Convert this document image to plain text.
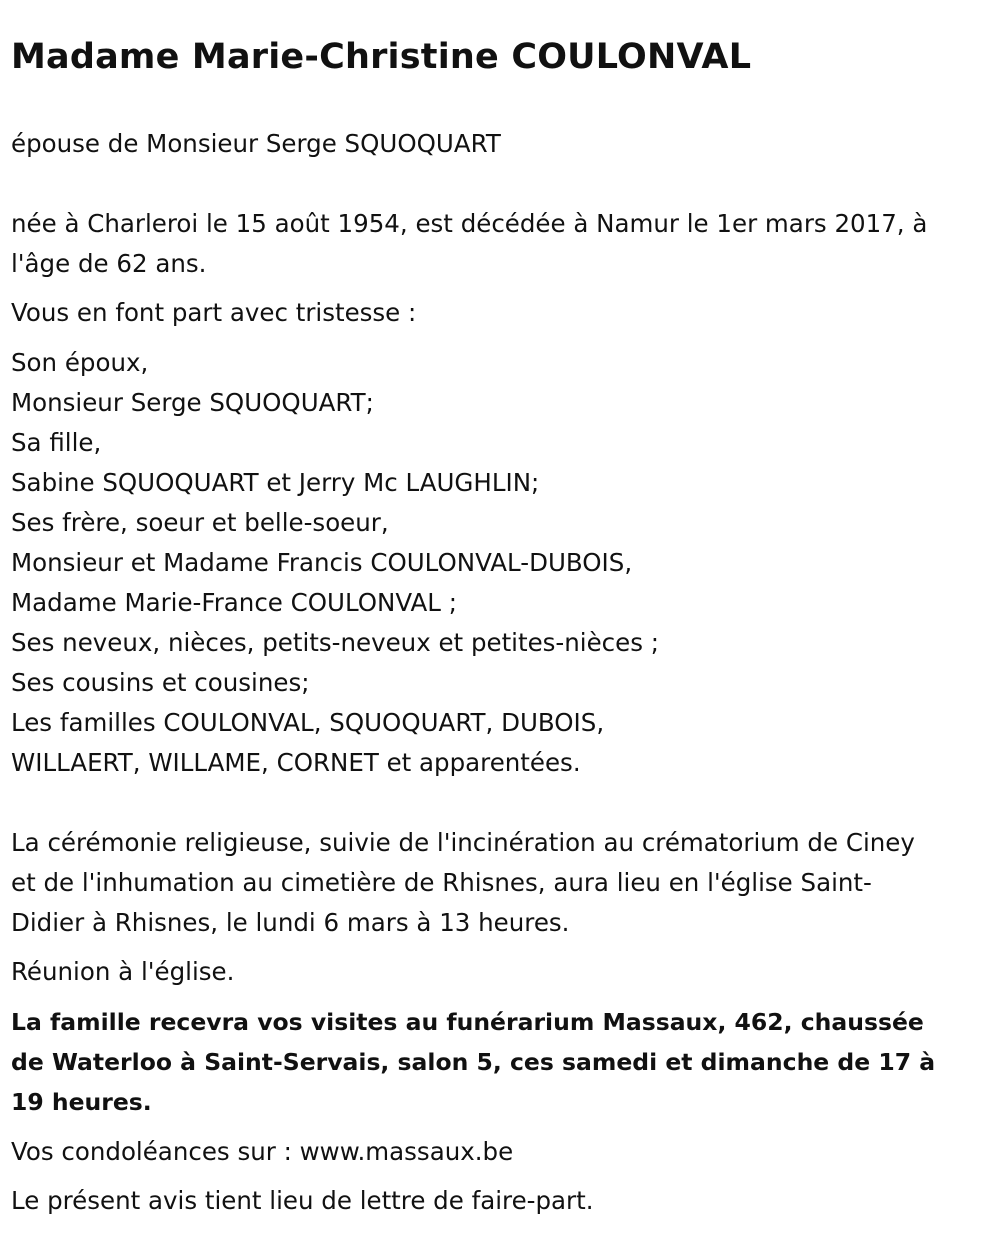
Madame Marie-Christine COULONVAL

épouse de Monsieur Serge SQUOQUART

née à Charleroi le 15 août 1954, est décédée à Namur le 1er mars 2017, à

l'âge de 62 ans.

Vous en font part avec tristesse :

Son époux,

Monsieur Serge SQUOQUART;

Sa fille,

Sabine SQUOQUART et Jerry Mc LAUGHLIN;

Ses frère, soeur et belle-soeur,

Monsieur et Madame Francis COULONVAL-DUBOIS,

Madame Marie-France COULONVAL ;

Ses neveux, nièces, petits-neveux et petites-nièces ;

Ses cousins et cousines;

Les familles COULONVAL, SQUOQUART, DUBOIS,

WILLAERT, WILLAME, CORNET et apparentées.

La cérémonie religieuse, suivie de l'incinération au crématorium de Ciney

et de l'inhumation au cimetière de Rhisnes, aura lieu en l'église Saint-

Didier à Rhisnes, le lundi 6 mars à 13 heures.

Réunion à l'église.

La famille recevra vos visites au funérarium Massaux, 462, chaussée

de Waterloo à Saint-Servais, salon 5, ces samedi et dimanche de 17 à

19 heures.

Vos condoléances sur : www.massaux.be

Le présent avis tient lieu de lettre de faire-part.
